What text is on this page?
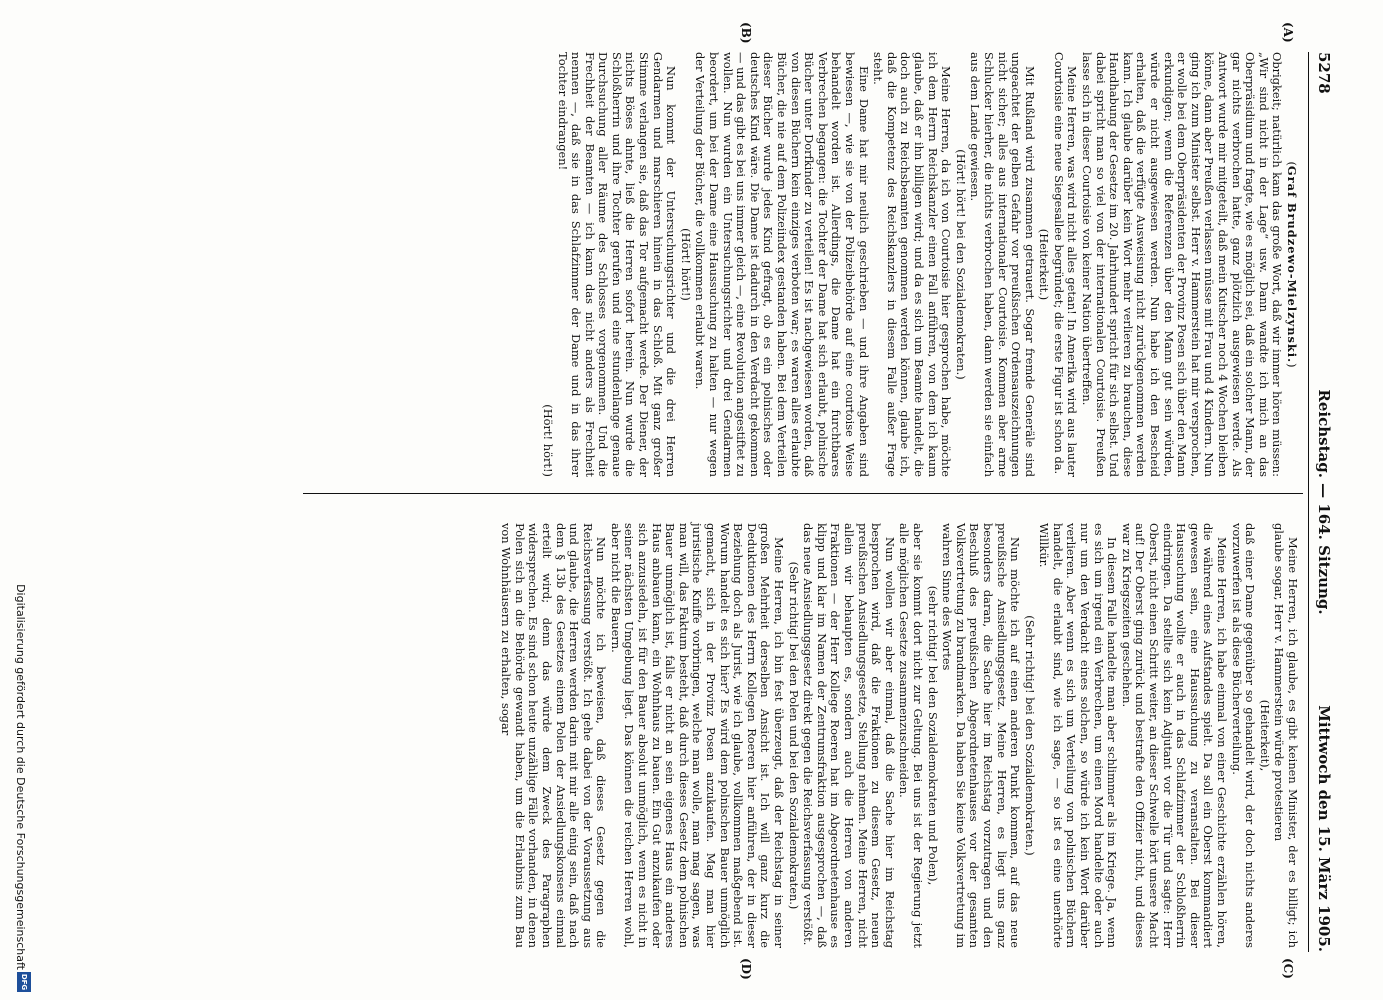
5278
Reichstag. — 164. Sitzung.
Mittwoch den 15. März 1905.
(A)
(B)
(C)
(D)

(Graf Brudzewo-Mielzynski.)

Obrigkeit; natürlich kam das große Wort, daß wir immer hören müssen: „Wir sind nicht in der Lage“ usw. Dann wandte ich mich an das Oberpräsidium und fragte, wie es möglich sei, daß ein solcher Mann, der gar nichts verbrochen hatte, ganz plötzlich ausgewiesen werde. Als Antwort wurde mir mitgeteilt, daß mein Kutscher noch 4 Wochen bleiben könne, dann aber Preußen verlassen müsse mit Frau und 4 Kindern. Nun ging ich zum Minister selbst. Herr v. Hammerstein hat mir versprochen, er wolle bei dem Oberpräsidenten der Provinz Posen sich über den Mann erkundigen; wenn die Referenzen über den Mann gut sein würden, würde er nicht ausgewiesen werden. Nun habe ich den Bescheid erhalten, daß die verfügte Ausweisung nicht zurückgenommen werden kann. Ich glaube darüber kein Wort mehr verlieren zu brauchen, diese Handhabung der Gesetze im 20. Jahrhundert spricht für sich selbst. Und dabei spricht man so viel von der internationalen Courtoisie. Preußen lasse sich in dieser Courtoisie von keiner Nation übertreffen.

Meine Herren, was wird nicht alles getan! In Amerika wird aus lauter Courtoisie eine neue Siegesallee begründet; die erste Figur ist schon da.

(Heiterkeit.)

Mit Rußland wird zusammen getrauert. Sogar fremde Generäle sind ungeachtet der gelben Gefahr vor preußischen Ordensauszeichnungen nicht sicher; alles aus internationaler Courtoisie. Kommen aber arme Schlucker hierher, die nichts verbrochen haben, dann werden sie einfach aus dem Lande gewiesen.

(Hört! hört! bei den Sozialdemokraten.)

Meine Herren, da ich von Courtoisie hier gesprochen habe, möchte ich dem Herrn Reichskanzler einen Fall anführen, von dem ich kaum glaube, daß er ihn billigen wird; und da es sich um Beamte handelt, die doch auch zu Reichsbeamten genommen werden können, glaube ich, daß die Kompetenz des Reichskanzlers in diesem Falle außer Frage steht.

Eine Dame hat mir neulich geschrieben — und ihre Angaben sind bewiesen —, wie sie von der Polizeibehörde auf eine courtoise Weise behandelt worden ist. Allerdings, die Dame hat ein furchtbares Verbrechen begangen: die Tochter der Dame hat sich erlaubt, polnische Bücher unter Dorfkinder zu verteilen! Es ist nachgewiesen worden, daß von diesen Büchern kein einziges verboten war; es waren alles erlaubte Bücher, die nie auf dem Polizeiindex gestanden haben. Bei dem Verteilen dieser Bücher wurde jedes Kind gefragt, ob es ein polnisches oder deutsches Kind wäre. Die Dame ist dadurch in den Verdacht gekommen — und das gibt es bei uns immer gleich —, eine Revolution angestiftet zu wollen. Nun wurden ein Untersuchungsrichter und drei Gendarmen beordert, um bei der Dame eine Haussuchung zu halten — nur wegen der Verteilung der Bücher, die vollkommen erlaubt waren.

(Hört! hört!)

Nun kommt der Untersuchungsrichter und die drei Herren Gendarmen und marschieren hinein in das Schloß. Mit ganz großer Stimme verlangen sie, daß das Tor aufgemacht werde. Der Diener, der nichts Böses ahnte, ließ die Herren sofort herein. Nun wurde die Schloßherrin und ihre Tochter gerufen und eine stundenlange genaue Durchsuchung aller Räume des Schlosses vorgenommen. Und die Frechheit der Beamten — ich kann das nicht anders als Frechheit nennen —, daß sie in das Schlafzimmer der Dame und in das ihrer Tochter eindrangen!

(Hört! hört!)

Meine Herren, ich glaube, es gibt keinen Minister, der es billigt; ich glaube sogar, Herr v. Hammerstein würde protestieren

(Heiterkeit),

daß einer Dame gegenüber so gehandelt wird, der doch nichts anderes vorzuwerfen ist als diese Bücherverteilung.

Meine Herren, ich habe einmal von einer Geschichte erzählen hören, die während eines Aufstandes spielt. Da soll ein Oberst kommandiert gewesen sein, eine Haussuchung zu veranstalten. Bei dieser Haussuchung wollte er auch in das Schlafzimmer der Schloßherrin eindringen. Da stellte sich kein Adjutant vor die Tür und sagte: Herr Oberst, nicht einen Schritt weiter, an dieser Schwelle hört unsere Macht auf! Der Oberst ging zurück und bestrafte den Offizier nicht, und dieses war zu Kriegszeiten geschehen.

In diesem Falle handelte man aber schlimmer als im Kriege. Ja, wenn es sich um irgend ein Verbrechen, um einen Mord handelte oder auch nur um den Verdacht eines solchen, so würde ich kein Wort darüber verlieren. Aber wenn es sich um Verteilung von polnischen Büchern handelt, die erlaubt sind, wie ich sage, — so ist es eine unerhörte Willkür.

(Sehr richtig! bei den Sozialdemokraten.)

Nun möchte ich auf einen anderen Punkt kommen, auf das neue preußische Ansiedlungsgesetz. Meine Herren, es liegt uns ganz besonders daran, die Sache hier im Reichstag vorzutragen und den Beschluß des preußischen Abgeordnetenhauses vor der gesamten Volksvertretung zu brandmarken. Da haben Sie keine Volksvertretung im wahren Sinne des Wortes

(sehr richtig! bei den Sozialdemokraten und Polen),

aber sie kommt dort nicht zur Geltung. Bei uns ist der Regierung jetzt alle möglichen Gesetze zusammenzuschneiden.

Nun wollen wir aber einmal, daß die Sache hier im Reichstag besprochen wird, daß die Fraktionen zu diesem Gesetz, neuen preußischen Ansiedlungsgesetze, Stellung nehmen. Meine Herren, nicht allein wir behaupten es, sondern auch die Herren von anderen Fraktionen — der Herr Kollege Roeren hat im Abgeordnetenhause es klipp und klar im Namen der Zentrumsfraktion ausgesprochen —, daß das neue Ansiedlungsgesetz direkt gegen die Reichsverfassung verstößt.

(Sehr richtig! bei den Polen und bei den Sozialdemokraten.)

Meine Herren, ich bin fest überzeugt, daß der Reichstag in seiner großen Mehrheit derselben Ansicht ist. Ich will ganz kurz die Deduktionen des Herrn Kollegen Roeren hier anführen, der in dieser Beziehung doch als Jurist, wie ich glaube, vollkommen maßgebend ist. Worum handelt es sich hier? Es wird dem polnischen Bauer unmöglich gemacht, sich in der Provinz Posen anzukaufen. Mag man hier juristische Kniffe vorbringen, welche man wolle, man mag sagen, was man will, das Faktum besteht, daß durch dieses Gesetz dem polnischen Bauer unmöglich ist, falls er nicht an sein eigenes Haus ein anderes Haus anbauen kann, ein Wohnhaus zu bauen. Ein Gut anzukaufen oder sich anzusiedeln, ist für den Bauer absolut unmöglich, wenn es nicht in seiner nächsten Umgebung liegt. Das können die reichen Herren wohl, aber nicht die Bauern.

Nun möchte ich beweisen, daß dieses Gesetz gegen die Reichsverfassung verstößt. Ich gehe dabei von der Voraussetzung aus und glaube, die Herren werden darin mit mir alle einig sein, daß nach dem § 13b des Gesetzes einem Polen der Ansiedlungskonsens einmal erteilt wird; denn das würde dem Zweck des Paragraphen widersprechen. Es sind schon heute unzählige Fälle vorhanden, in denen Polen sich an die Behörde gewandt haben, um die Erlaubnis zum Bau von Wohnhäusern zu erhalten, sogar

Digitalisierung gefördert durch die Deutsche Forschungsgemeinschaft
DFG
